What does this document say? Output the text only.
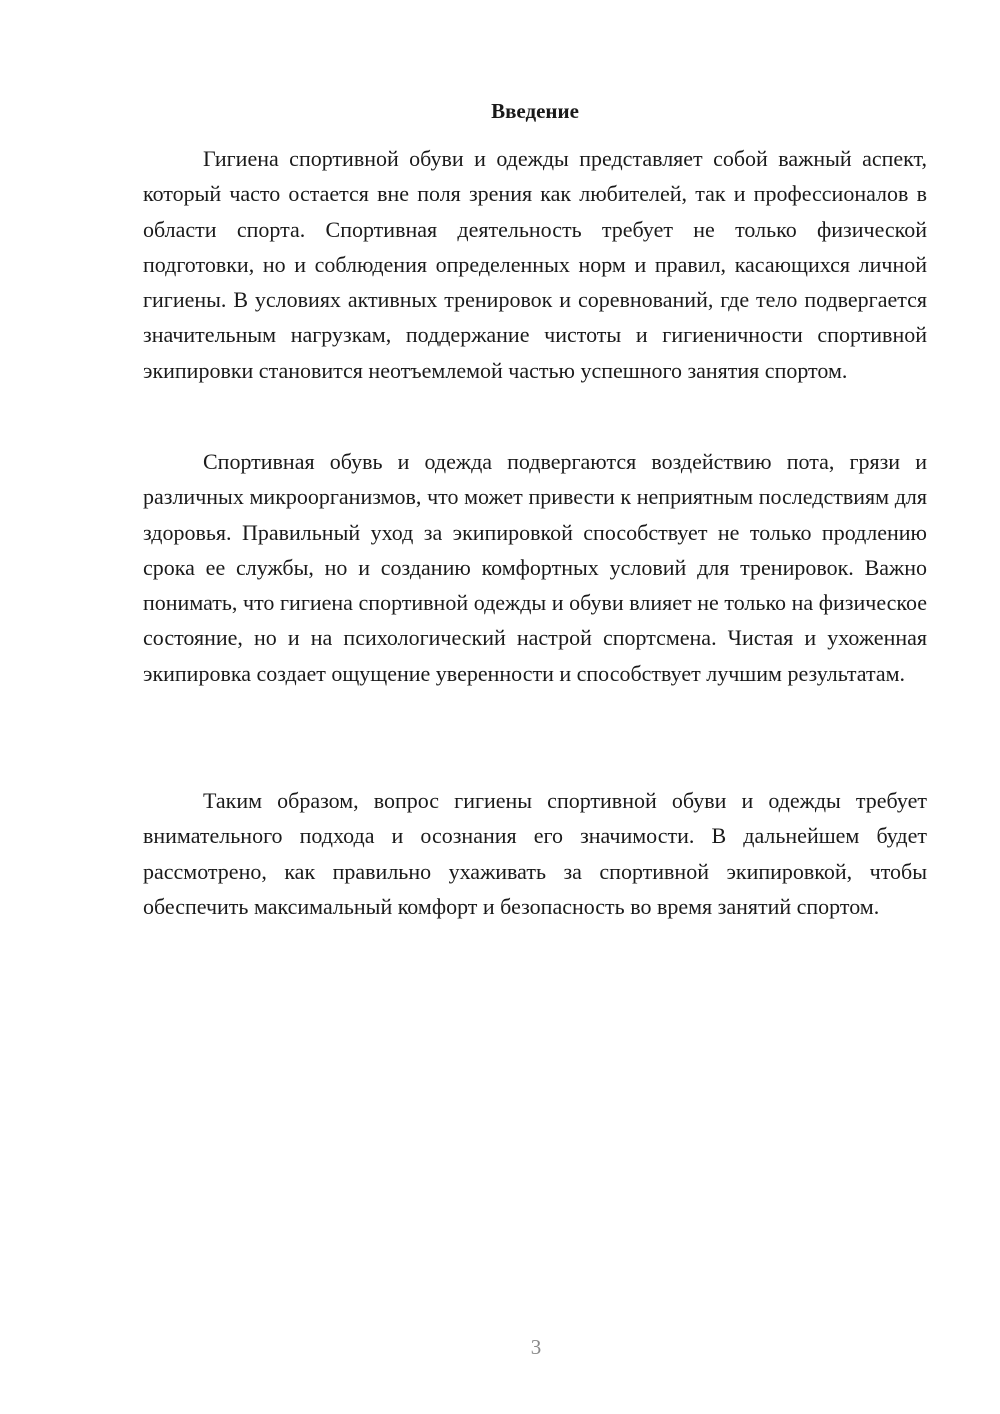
Введение

Гигиена спортивной обуви и одежды представляет собой важный аспект, который часто остается вне поля зрения как любителей, так и профессионалов в области спорта. Спортивная деятельность требует не только физической подготовки, но и соблюдения определенных норм и правил, касающихся личной гигиены. В условиях активных тренировок и соревнований, где тело подвергается значительным нагрузкам, поддержание чистоты и гигиеничности спортивной экипировки становится неотъемлемой частью успешного занятия спортом.

Спортивная обувь и одежда подвергаются воздействию пота, грязи и различных микроорганизмов, что может привести к неприятным последствиям для здоровья. Правильный уход за экипировкой способствует не только продлению срока ее службы, но и созданию комфортных условий для тренировок. Важно понимать, что гигиена спортивной одежды и обуви влияет не только на физическое состояние, но и на психологический настрой спортсмена. Чистая и ухоженная экипировка создает ощущение уверенности и способствует лучшим результатам.

Таким образом, вопрос гигиены спортивной обуви и одежды требует внимательного подхода и осознания его значимости. В дальнейшем будет рассмотрено, как правильно ухаживать за спортивной экипировкой, чтобы обеспечить максимальный комфорт и безопасность во время занятий спортом.

3
